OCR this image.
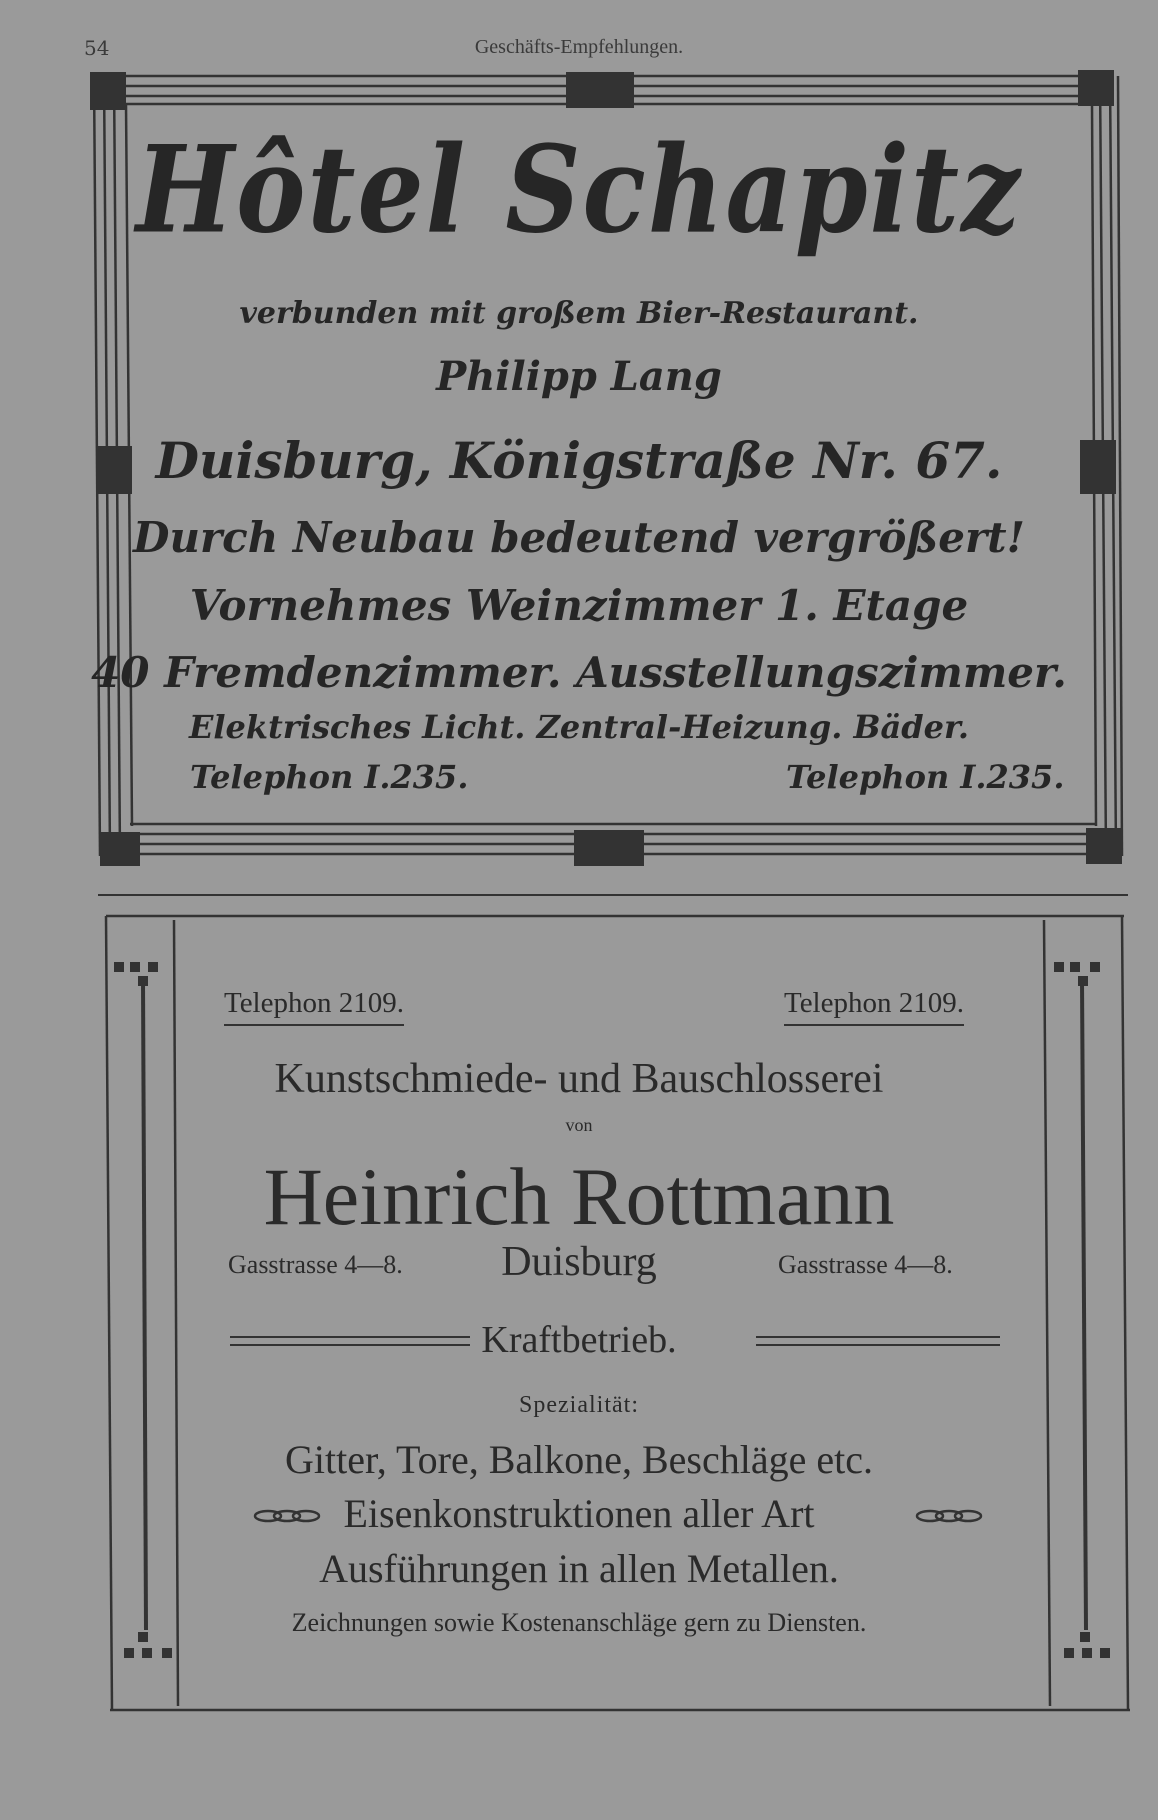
54	Geschäfts-Empfehlungen.
Hôtel Schapitz
verbunden mit großem Bier-Restaurant.
Philipp Lang
Duisburg, Königstraße Nr. 67.
Durch Neubau bedeutend vergrößert!
Vornehmes Weinzimmer 1. Etage
40 Fremdenzimmer. Ausstellungszimmer.
Elektrisches Licht. Zentral-Heizung. Bäder.
Telephon I.235.	Telephon I.235.
Telephon 2109.	Telephon 2109.
Kunstschmiede- und Bauschlosserei
von
Heinrich Rottmann
Gasstrasse 4—8.	Duisburg	Gasstrasse 4—8.
Kraftbetrieb.
Spezialität:
Gitter, Tore, Balkone, Beschläge etc.
Eisenkonstruktionen aller Art
Ausführungen in allen Metallen.
Zeichnungen sowie Kostenanschläge gern zu Diensten.
